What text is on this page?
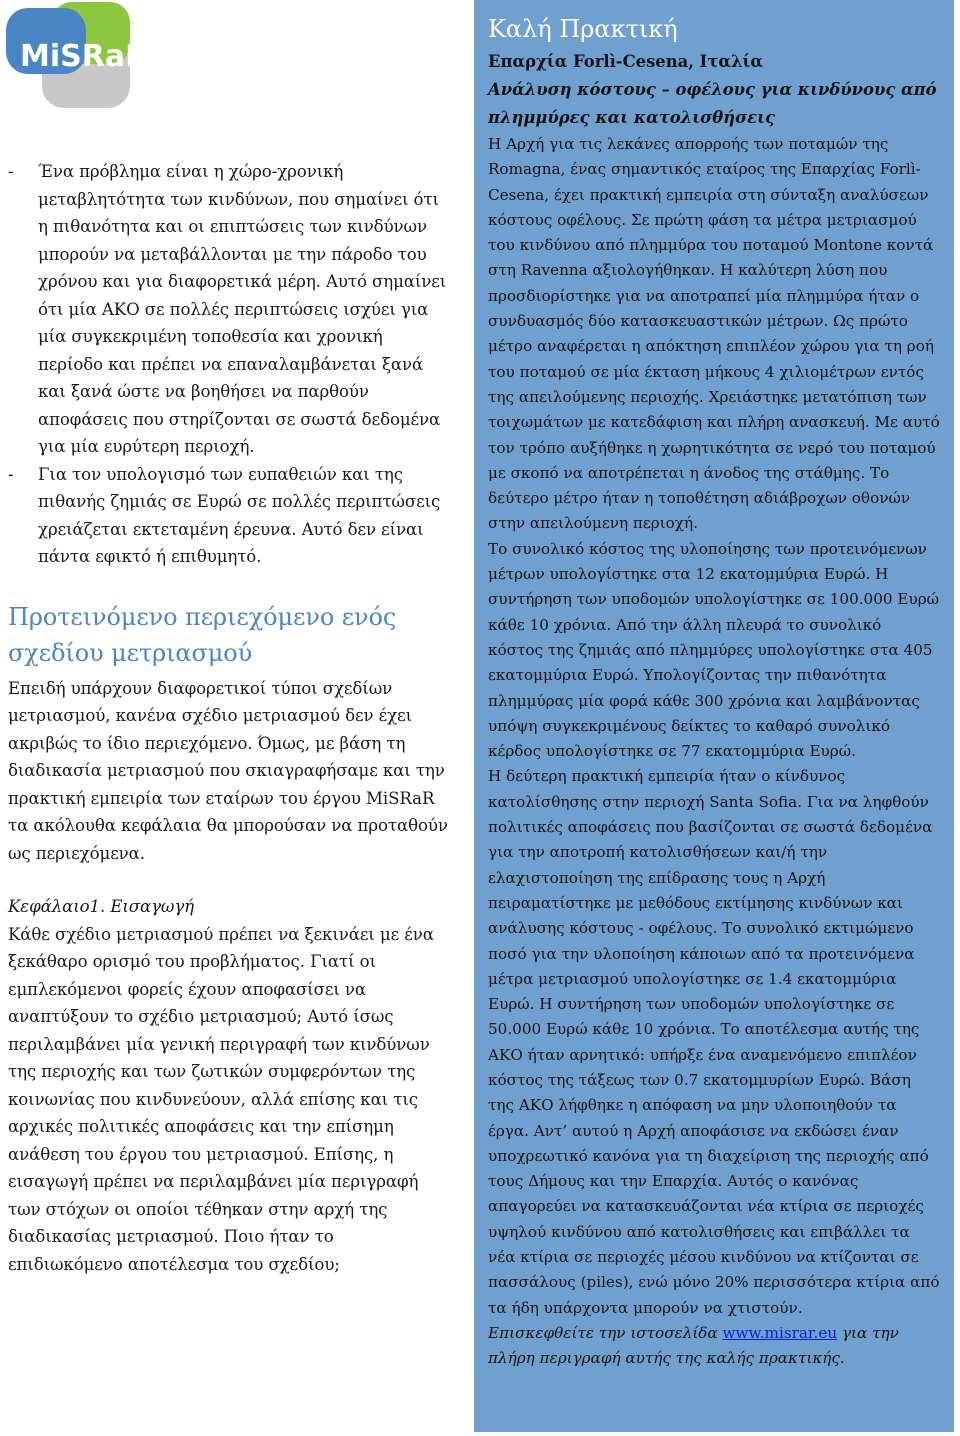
MiSRaR
-	Ένα πρόβλημα είναι η χώρο-χρονική μεταβλητότητα των κινδύνων, που σημαίνει ότι η πιθανότητα και οι επιπτώσεις των κινδύνων μπορούν να μεταβάλλονται με την πάροδο του χρόνου και για διαφορετικά μέρη. Αυτό σημαίνει ότι μία ΑΚΟ σε πολλές περιπτώσεις ισχύει για μία συγκεκριμένη τοποθεσία και χρονική περίοδο και πρέπει να επαναλαμβάνεται ξανά και ξανά ώστε να βοηθήσει να παρθούν αποφάσεις που στηρίζονται σε σωστά δεδομένα για μία ευρύτερη περιοχή.
-	Για τον υπολογισμό των ευπαθειών και της πιθανής ζημιάς σε Ευρώ σε πολλές περιπτώσεις χρειάζεται εκτεταμένη έρευνα. Αυτό δεν είναι πάντα εφικτό ή επιθυμητό.
Προτεινόμενο περιεχόμενο ενός σχεδίου μετριασμού
Επειδή υπάρχουν διαφορετικοί τύποι σχεδίων μετριασμού, κανένα σχέδιο μετριασμού δεν έχει ακριβώς το ίδιο περιεχόμενο. Όμως, με βάση τη διαδικασία μετριασμού που σκιαγραφήσαμε και την πρακτική εμπειρία των εταίρων του έργου MiSRaR τα ακόλουθα κεφάλαια θα μπορούσαν να προταθούν ως περιεχόμενα.
Κεφάλαιο1. Εισαγωγή
Κάθε σχέδιο μετριασμού πρέπει να ξεκινάει με ένα ξεκάθαρο ορισμό του προβλήματος. Γιατί οι εμπλεκόμενοι φορείς έχουν αποφασίσει να αναπτύξουν το σχέδιο μετριασμού; Αυτό ίσως περιλαμβάνει μία γενική περιγραφή των κινδύνων της περιοχής και των ζωτικών συμφερόντων της κοινωνίας που κινδυνεύουν, αλλά επίσης και τις αρχικές πολιτικές αποφάσεις και την επίσημη ανάθεση του έργου του μετριασμού. Επίσης, η εισαγωγή πρέπει να περιλαμβάνει μία περιγραφή των στόχων οι οποίοι τέθηκαν στην αρχή της διαδικασίας μετριασμού. Ποιο ήταν το επιδιωκόμενο αποτέλεσμα του σχεδίου;
Καλή Πρακτική
Επαρχία Forlì-Cesena, Ιταλία
Ανάλυση κόστους – οφέλους για κινδύνους από πλημμύρες και κατολισθήσεις

Η Αρχή για τις λεκάνες απορροής των ποταμών της Romagna, ένας σημαντικός εταίρος της Επαρχίας Forlì-Cesena, έχει πρακτική εμπειρία στη σύνταξη αναλύσεων κόστους οφέλους. Σε πρώτη φάση τα μέτρα μετριασμού του κινδύνου από πλημμύρα του ποταμού Montone κοντά στη Ravenna αξιολογήθηκαν. Η καλύτερη λύση που προσδιορίστηκε για να αποτραπεί μία πλημμύρα ήταν ο συνδυασμός δύο κατασκευαστικών μέτρων. Ως πρώτο μέτρο αναφέρεται η απόκτηση επιπλέον χώρου για τη ροή του ποταμού σε μία έκταση μήκους 4 χιλιομέτρων εντός της απειλούμενης περιοχής. Χρειάστηκε μετατόπιση των τοιχωμάτων με κατεδάφιση και πλήρη ανασκευή. Με αυτό τον τρόπο αυξήθηκε η χωρητικότητα σε νερό του ποταμού με σκοπό να αποτρέπεται η άνοδος της στάθμης. Το δεύτερο μέτρο ήταν η τοποθέτηση αδιάβροχων οθονών στην απειλούμενη περιοχή.

Το συνολικό κόστος της υλοποίησης των προτεινόμενων μέτρων υπολογίστηκε στα 12 εκατομμύρια Ευρώ. Η συντήρηση των υποδομών υπολογίστηκε σε 100.000 Ευρώ κάθε 10 χρόνια. Από την άλλη πλευρά το συνολικό κόστος της ζημιάς από πλημμύρες υπολογίστηκε στα 405 εκατομμύρια Ευρώ. Υπολογίζοντας την πιθανότητα πλημμύρας μία φορά κάθε 300 χρόνια και λαμβάνοντας υπόψη συγκεκριμένους δείκτες το καθαρό συνολικό κέρδος υπολογίστηκε σε 77 εκατομμύρια Ευρώ.

Η δεύτερη πρακτική εμπειρία ήταν ο κίνδυνος κατολίσθησης στην περιοχή Santa Sofia. Για να ληφθούν πολιτικές αποφάσεις που βασίζονται σε σωστά δεδομένα για την αποτροπή κατολισθήσεων και/ή την ελαχιστοποίηση της επίδρασης τους η Αρχή πειραματίστηκε με μεθόδους εκτίμησης κινδύνων και ανάλυσης κόστους - οφέλους. Το συνολικό εκτιμώμενο ποσό για την υλοποίηση κάποιων από τα προτεινόμενα μέτρα μετριασμού υπολογίστηκε σε 1.4 εκατομμύρια Ευρώ. Η συντήρηση των υποδομών υπολογίστηκε σε 50.000 Ευρώ κάθε 10 χρόνια. Το αποτέλεσμα αυτής της ΑΚΟ ήταν αρνητικό: υπήρξε ένα αναμενόμενο επιπλέον κόστος της τάξεως των 0.7 εκατομμυρίων Ευρώ. Βάση της ΑΚΟ λήφθηκε η απόφαση να μην υλοποιηθούν τα έργα. Αντ’ αυτού η Αρχή αποφάσισε να εκδώσει έναν υποχρεωτικό κανόνα για τη διαχείριση της περιοχής από τους Δήμους και την Επαρχία. Αυτός ο κανόνας απαγορεύει να κατασκευάζονται νέα κτίρια σε περιοχές υψηλού κινδύνου από κατολισθήσεις και επιβάλλει τα νέα κτίρια σε περιοχές μέσου κινδύνου να κτίζονται σε πασσάλους (piles), ενώ μόνο 20% περισσότερα κτίρια από τα ήδη υπάρχοντα μπορούν να χτιστούν.

Επισκεφθείτε την ιστοσελίδα www.misrar.eu για την πλήρη περιγραφή αυτής της καλής πρακτικής.
